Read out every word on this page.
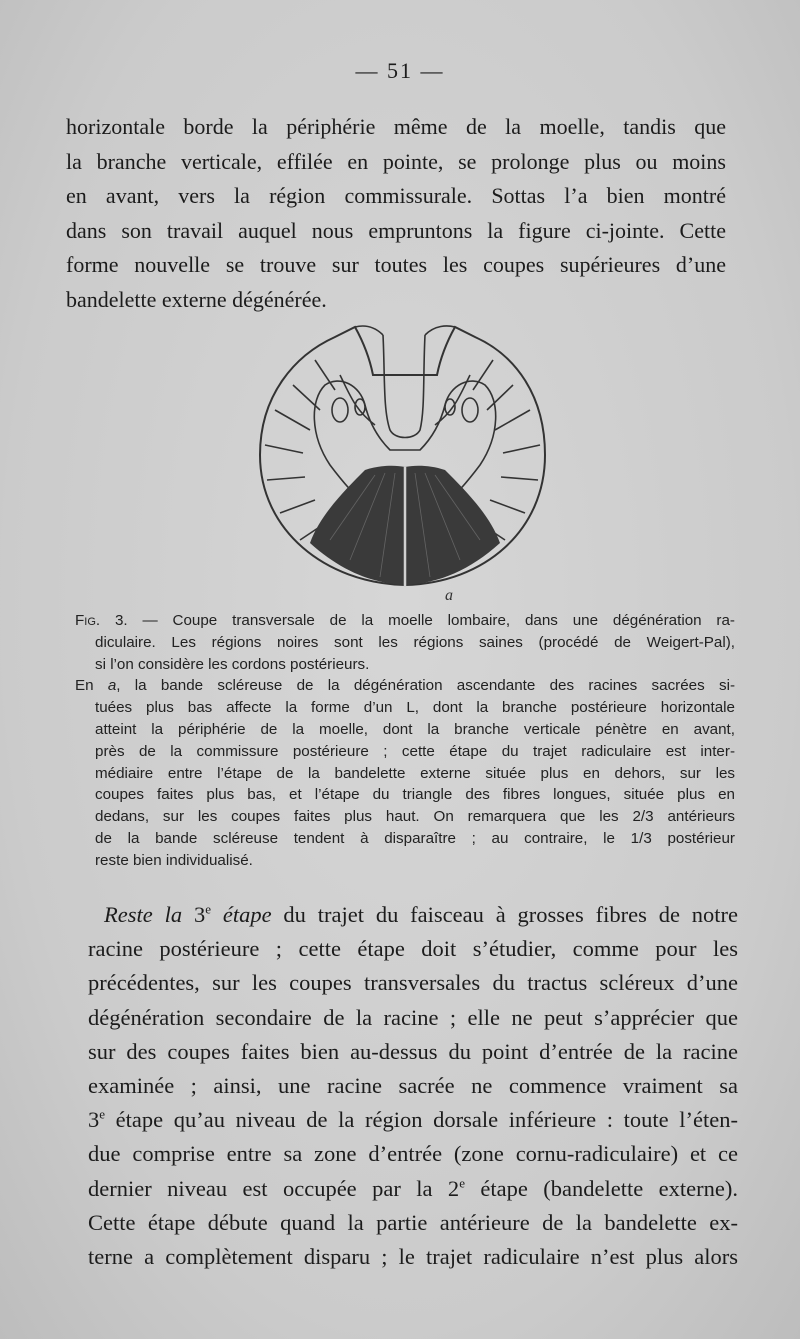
— 51 —
horizontale borde la périphérie même de la moelle, tandis que
la branche verticale, effilée en pointe, se prolonge plus ou moins
en avant, vers la région commissurale. Sottas l’a bien montré
dans son travail auquel nous empruntons la figure ci-jointe. Cette
forme nouvelle se trouve sur toutes les coupes supérieures d’une
bandelette externe dégénérée.
a
Fig. 3. — Coupe transversale de la moelle lombaire, dans une dégénération ra-
diculaire. Les régions noires sont les régions saines (procédé de Weigert-Pal),
si l’on considère les cordons postérieurs.
En a, la bande scléreuse de la dégénération ascendante des racines sacrées si-
tuées plus bas affecte la forme d’un L, dont la branche postérieure horizontale
atteint la périphérie de la moelle, dont la branche verticale pénètre en avant,
près de la commissure postérieure ; cette étape du trajet radiculaire est inter-
médiaire entre l’étape de la bandelette externe située plus en dehors, sur les
coupes faites plus bas, et l’étape du triangle des fibres longues, située plus en
dedans, sur les coupes faites plus haut. On remarquera que les 2/3 antérieurs
de la bande scléreuse tendent à disparaître ; au contraire, le 1/3 postérieur
reste bien individualisé.
Reste la 3e étape du trajet du faisceau à grosses fibres de notre
racine postérieure ; cette étape doit s’étudier, comme pour les
précédentes, sur les coupes transversales du tractus scléreux d’une
dégénération secondaire de la racine ; elle ne peut s’apprécier que
sur des coupes faites bien au-dessus du point d’entrée de la racine
examinée ; ainsi, une racine sacrée ne commence vraiment sa
3e étape qu’au niveau de la région dorsale inférieure : toute l’éten-
due comprise entre sa zone d’entrée (zone cornu-radiculaire) et ce
dernier niveau est occupée par la 2e étape (bandelette externe).
Cette étape débute quand la partie antérieure de la bandelette ex-
terne a complètement disparu ; le trajet radiculaire n’est plus alors
